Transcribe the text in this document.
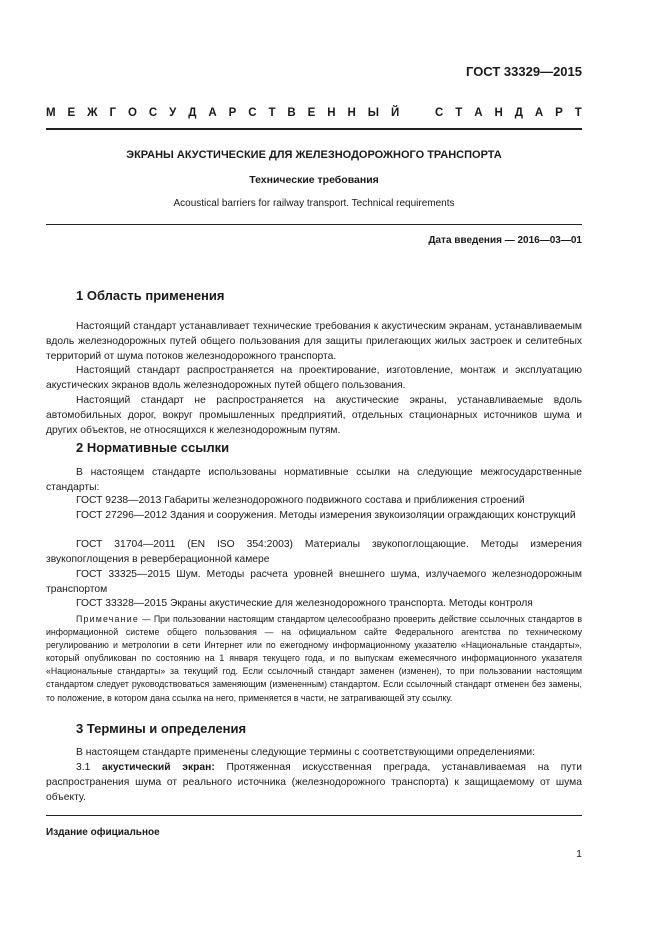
ГОСТ 33329—2015
М Е Ж Г О С У Д А Р С Т В Е Н Н Ы Й	С Т А Н Д А Р Т
ЭКРАНЫ АКУСТИЧЕСКИЕ ДЛЯ ЖЕЛЕЗНОДОРОЖНОГО ТРАНСПОРТА
Технические требования
Acoustical barriers for railway transport. Technical requirements
Дата введения — 2016—03—01
1 Область применения

Настоящий стандарт устанавливает технические требования к акустическим экранам, устанавливаемым вдоль железнодорожных путей общего пользования для защиты прилегающих жилых застроек и селитебных территорий от шума потоков железнодорожного транспорта.

Настоящий стандарт распространяется на проектирование, изготовление, монтаж и эксплуатацию акустических экранов вдоль железнодорожных путей общего пользования.

Настоящий стандарт не распространяется на акустические экраны, устанавливаемые вдоль автомобильных дорог, вокруг промышленных предприятий, отдельных стационарных источников шума и других объектов, не относящихся к железнодорожным путям.

2 Нормативные ссылки

В настоящем стандарте использованы нормативные ссылки на следующие межгосударственные стандарты:

ГОСТ 9238—2013 Габариты железнодорожного подвижного состава и приближения строений

ГОСТ 27296—2012 Здания и сооружения. Методы измерения звукоизоляции ограждающих конструкций

ГОСТ 31704—2011 (EN ISO 354:2003) Материалы звукопоглощающие. Методы измерения звукопоглощения в реверберационной камере

ГОСТ 33325—2015 Шум. Методы расчета уровней внешнего шума, излучаемого железнодорожным транспортом

ГОСТ 33328—2015 Экраны акустические для железнодорожного транспорта. Методы контроля

Примечание — При пользовании настоящим стандартом целесообразно проверить действие ссылочных стандартов в информационной системе общего пользования — на официальном сайте Федерального агентства по техническому регулированию и метрологии в сети Интернет или по ежегодному информационному указателю «Национальные стандарты», который опубликован по состоянию на 1 января текущего года, и по выпускам ежемесячного информационного указателя «Национальные стандарты» за текущий год. Если ссылочный стандарт заменен (изменен), то при пользовании настоящим стандартом следует руководствоваться заменяющим (измененным) стандартом. Если ссылочный стандарт отменен без замены, то положение, в котором дана ссылка на него, применяется в части, не затрагивающей эту ссылку.

3 Термины и определения

В настоящем стандарте применены следующие термины с соответствующими определениями:

3.1 акустический экран: Протяженная искусственная преграда, устанавливаемая на пути распространения шума от реального источника (железнодорожного транспорта) к защищаемому от шума объекту.

Издание официальное
1
